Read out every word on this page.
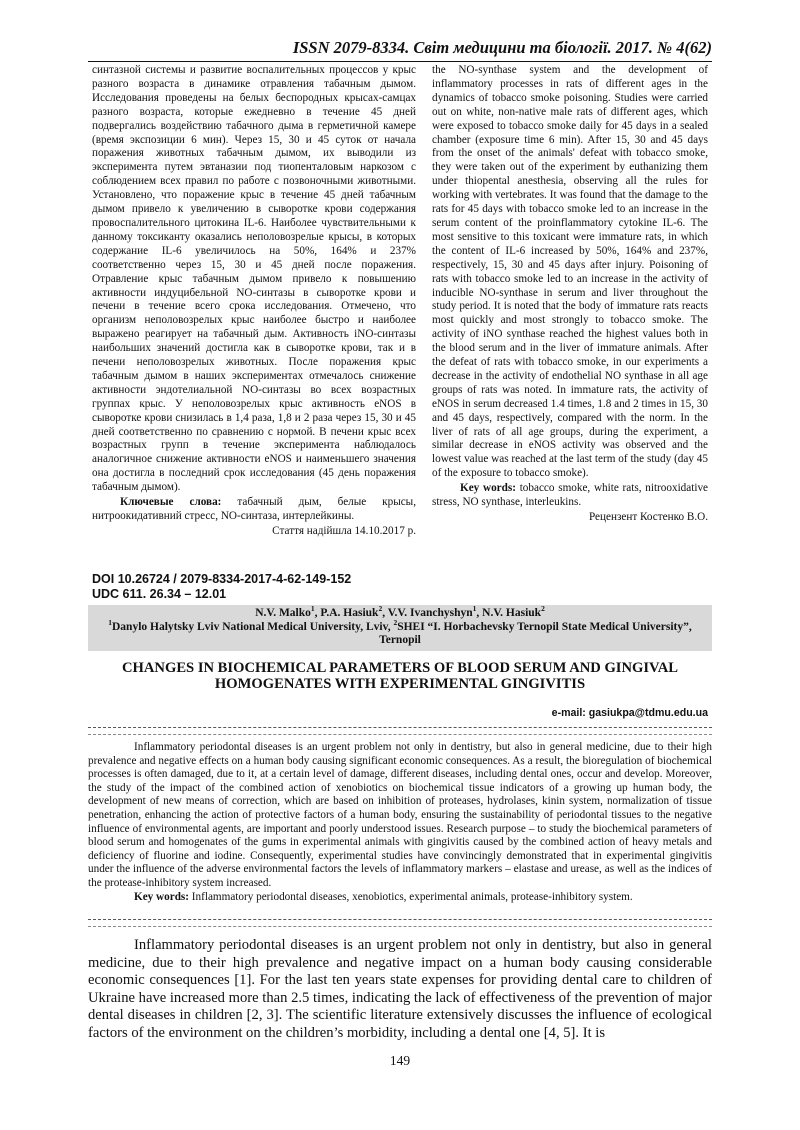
ISSN 2079-8334. Світ медицини та біології. 2017. № 4(62)

синтазной системы и развитие воспалительных процессов у крыс разного возраста в динамике отравления табачным дымом. Исследования проведены на белых беспородных крысах-самцах разного возраста, которые ежедневно в течение 45 дней подвергались воздействию табачного дыма в герметичной камере (время экспозиции 6 мин). Через 15, 30 и 45 суток от начала поражения животных табачным дымом, их выводили из эксперимента путем эвтаназии под тиопенталовым наркозом с соблюдением всех правил по работе с позвоночными животными. Установлено, что поражение крыс в течение 45 дней табачным дымом привело к увеличению в сыворотке крови содержания провоспалительного цитокина IL-6. Наиболее чувствительными к данному токсиканту оказались неполовозрелые крысы, в которых содержание IL-6 увеличилось на 50%, 164% и 237% соответственно через 15, 30 и 45 дней после поражения. Отравление крыс табачным дымом привело к повышению активности индуцибельной NO-синтазы в сыворотке крови и печени в течение всего срока исследования. Отмечено, что организм неполовозрелых крыс наиболее быстро и наиболее выражено реагирует на табачный дым. Активность iNO-синтазы наибольших значений достигла как в сыворотке крови, так и в печени неполовозрелых животных. После поражения крыс табачным дымом в наших экспериментах отмечалось снижение активности эндотелиальной NO-синтазы во всех возрастных группах крыс. У неполовозрелых крыс активность eNOS в сыворотке крови снизилась в 1,4 раза, 1,8 и 2 раза через 15, 30 и 45 дней соответственно по сравнению с нормой. В печени крыс всех возрастных групп в течение эксперимента наблюдалось аналогичное снижение активности eNOS и наименьшего значения она достигла в последний срок исследования (45 день поражения табачным дымом).

Ключевые слова: табачный дым, белые крысы, нитроокидативний стресс, NO-синтаза, интерлейкины.

Стаття надійшла 14.10.2017 р.

the NO-synthase system and the development of inflammatory processes in rats of different ages in the dynamics of tobacco smoke poisoning. Studies were carried out on white, non-native male rats of different ages, which were exposed to tobacco smoke daily for 45 days in a sealed chamber (exposure time 6 min). After 15, 30 and 45 days from the onset of the animals' defeat with tobacco smoke, they were taken out of the experiment by euthanizing them under thiopental anesthesia, observing all the rules for working with vertebrates. It was found that the damage to the rats for 45 days with tobacco smoke led to an increase in the serum content of the proinflammatory cytokine IL-6. The most sensitive to this toxicant were immature rats, in which the content of IL-6 increased by 50%, 164% and 237%, respectively, 15, 30 and 45 days after injury. Poisoning of rats with tobacco smoke led to an increase in the activity of inducible NO-synthase in serum and liver throughout the study period. It is noted that the body of immature rats reacts most quickly and most strongly to tobacco smoke. The activity of iNO synthase reached the highest values both in the blood serum and in the liver of immature animals. After the defeat of rats with tobacco smoke, in our experiments a decrease in the activity of endothelial NO synthase in all age groups of rats was noted. In immature rats, the activity of eNOS in serum decreased 1.4 times, 1.8 and 2 times in 15, 30 and 45 days, respectively, compared with the norm. In the liver of rats of all age groups, during the experiment, a similar decrease in eNOS activity was observed and the lowest value was reached at the last term of the study (day 45 of the exposure to tobacco smoke).

Key words: tobacco smoke, white rats, nitrooxidative stress, NO synthase, interleukins.

Рецензент Костенко В.О.

DOI 10.26724 / 2079-8334-2017-4-62-149-152
UDC 611. 26.34 – 12.01
N.V. Malko$^1$, P.A. Hasiuk$^2$, V.V. Ivanchyshyn$^1$, N.V. Hasiuk$^2$
$^1$Danylo Halytsky Lviv National Medical University, Lviv, $^2$SHEI “I. Horbachevsky Ternopil State Medical University”,
Ternopil
CHANGES IN BIOCHEMICAL PARAMETERS OF BLOOD SERUM AND GINGIVAL
HOMOGENATES WITH EXPERIMENTAL GINGIVITIS
e-mail: gasiukpa@tdmu.edu.ua

Inflammatory periodontal diseases is an urgent problem not only in dentistry, but also in general medicine, due to their high prevalence and negative effects on a human body causing significant economic consequences. As a result, the bioregulation of biochemical processes is often damaged, due to it, at a certain level of damage, different diseases, including dental ones, occur and develop. Moreover, the study of the impact of the combined action of xenobiotics on biochemical tissue indicators of a growing up human body, the development of new means of correction, which are based on inhibition of proteases, hydrolases, kinin system, normalization of tissue penetration, enhancing the action of protective factors of a human body, ensuring the sustainability of periodontal tissues to the negative influence of environmental agents, are important and poorly understood issues. Research purpose – to study the biochemical parameters of blood serum and homogenates of the gums in experimental animals with gingivitis caused by the combined action of heavy metals and deficiency of fluorine and iodine. Consequently, experimental studies have convincingly demonstrated that in experimental gingivitis under the influence of the adverse environmental factors the levels of inflammatory markers – elastase and urease, as well as the indices of the protease-inhibitory system increased.

Key words: Inflammatory periodontal diseases, xenobiotics, experimental animals, protease-inhibitory system.

Inflammatory periodontal diseases is an urgent problem not only in dentistry, but also in general medicine, due to their high prevalence and negative impact on a human body causing considerable economic consequences [1]. For the last ten years state expenses for providing dental care to children of Ukraine have increased more than 2.5 times, indicating the lack of effectiveness of the prevention of major dental diseases in children [2, 3]. The scientific literature extensively discusses the influence of ecological factors of the environment on the children’s morbidity, including a dental one [4, 5]. It is

149
